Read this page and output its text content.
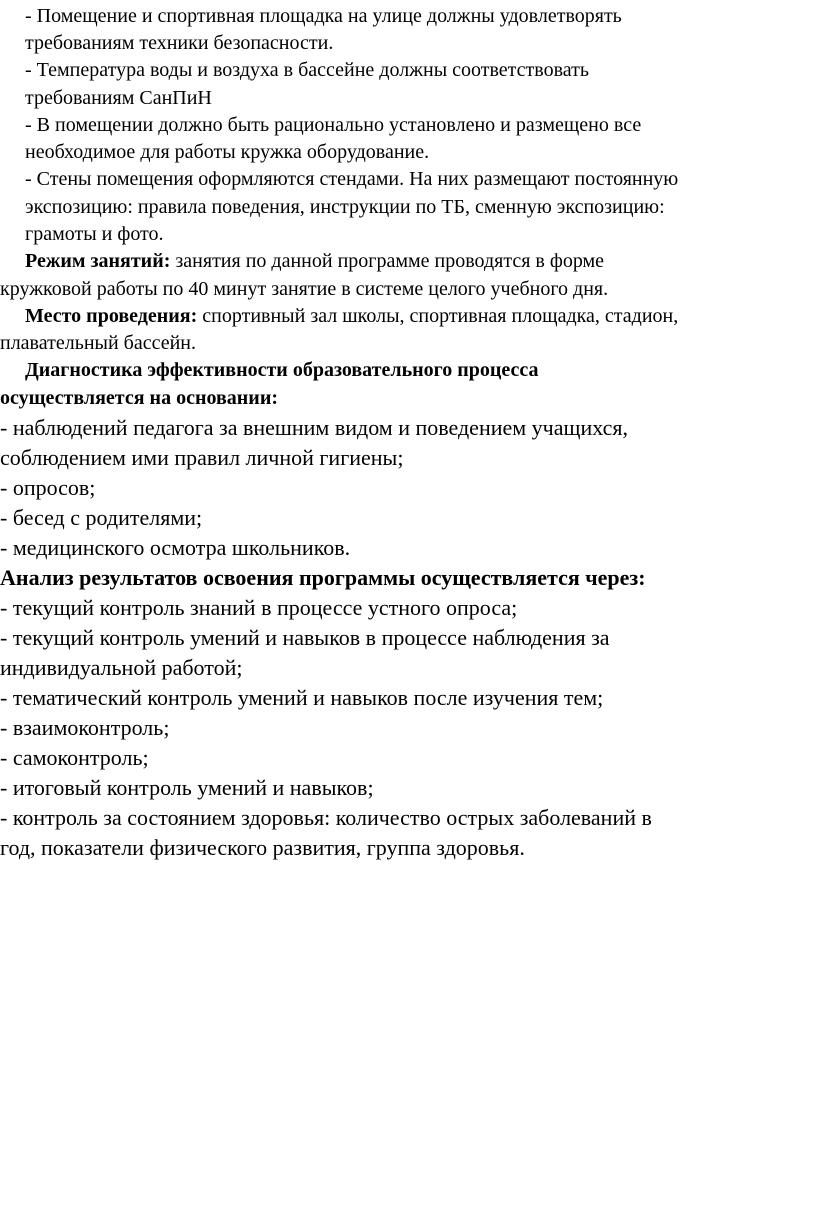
- Помещение и спортивная площадка на улице должны удовлетворять
требованиям техники безопасности.
- Температура воды и воздуха в бассейне должны соответствовать
требованиям СанПиН
- В помещении должно быть рационально установлено и размещено все
необходимое для работы кружка оборудование.
- Стены помещения оформляются стендами. На них размещают постоянную
экспозицию: правила поведения, инструкции по ТБ, сменную экспозицию:
грамоты и фото.
Режим занятий: занятия по данной программе проводятся в форме
кружковой работы по 40 минут занятие в системе целого учебного дня.
Место проведения: спортивный зал школы, спортивная площадка, стадион,
плавательный бассейн.
Диагностика эффективности образовательного процесса
осуществляется на основании:
- наблюдений педагога за внешним видом и поведением учащихся,
соблюдением ими правил личной гигиены;
- опросов;
- бесед с родителями;
- медицинского осмотра школьников.
Анализ результатов освоения программы осуществляется через:
- текущий контроль знаний в процессе устного опроса;
- текущий контроль умений и навыков в процессе наблюдения за
индивидуальной работой;
- тематический контроль умений и навыков после изучения тем;
- взаимоконтроль;
- самоконтроль;
- итоговый контроль умений и навыков;
- контроль за состоянием здоровья: количество острых заболеваний в
год, показатели физического развития, группа здоровья.
